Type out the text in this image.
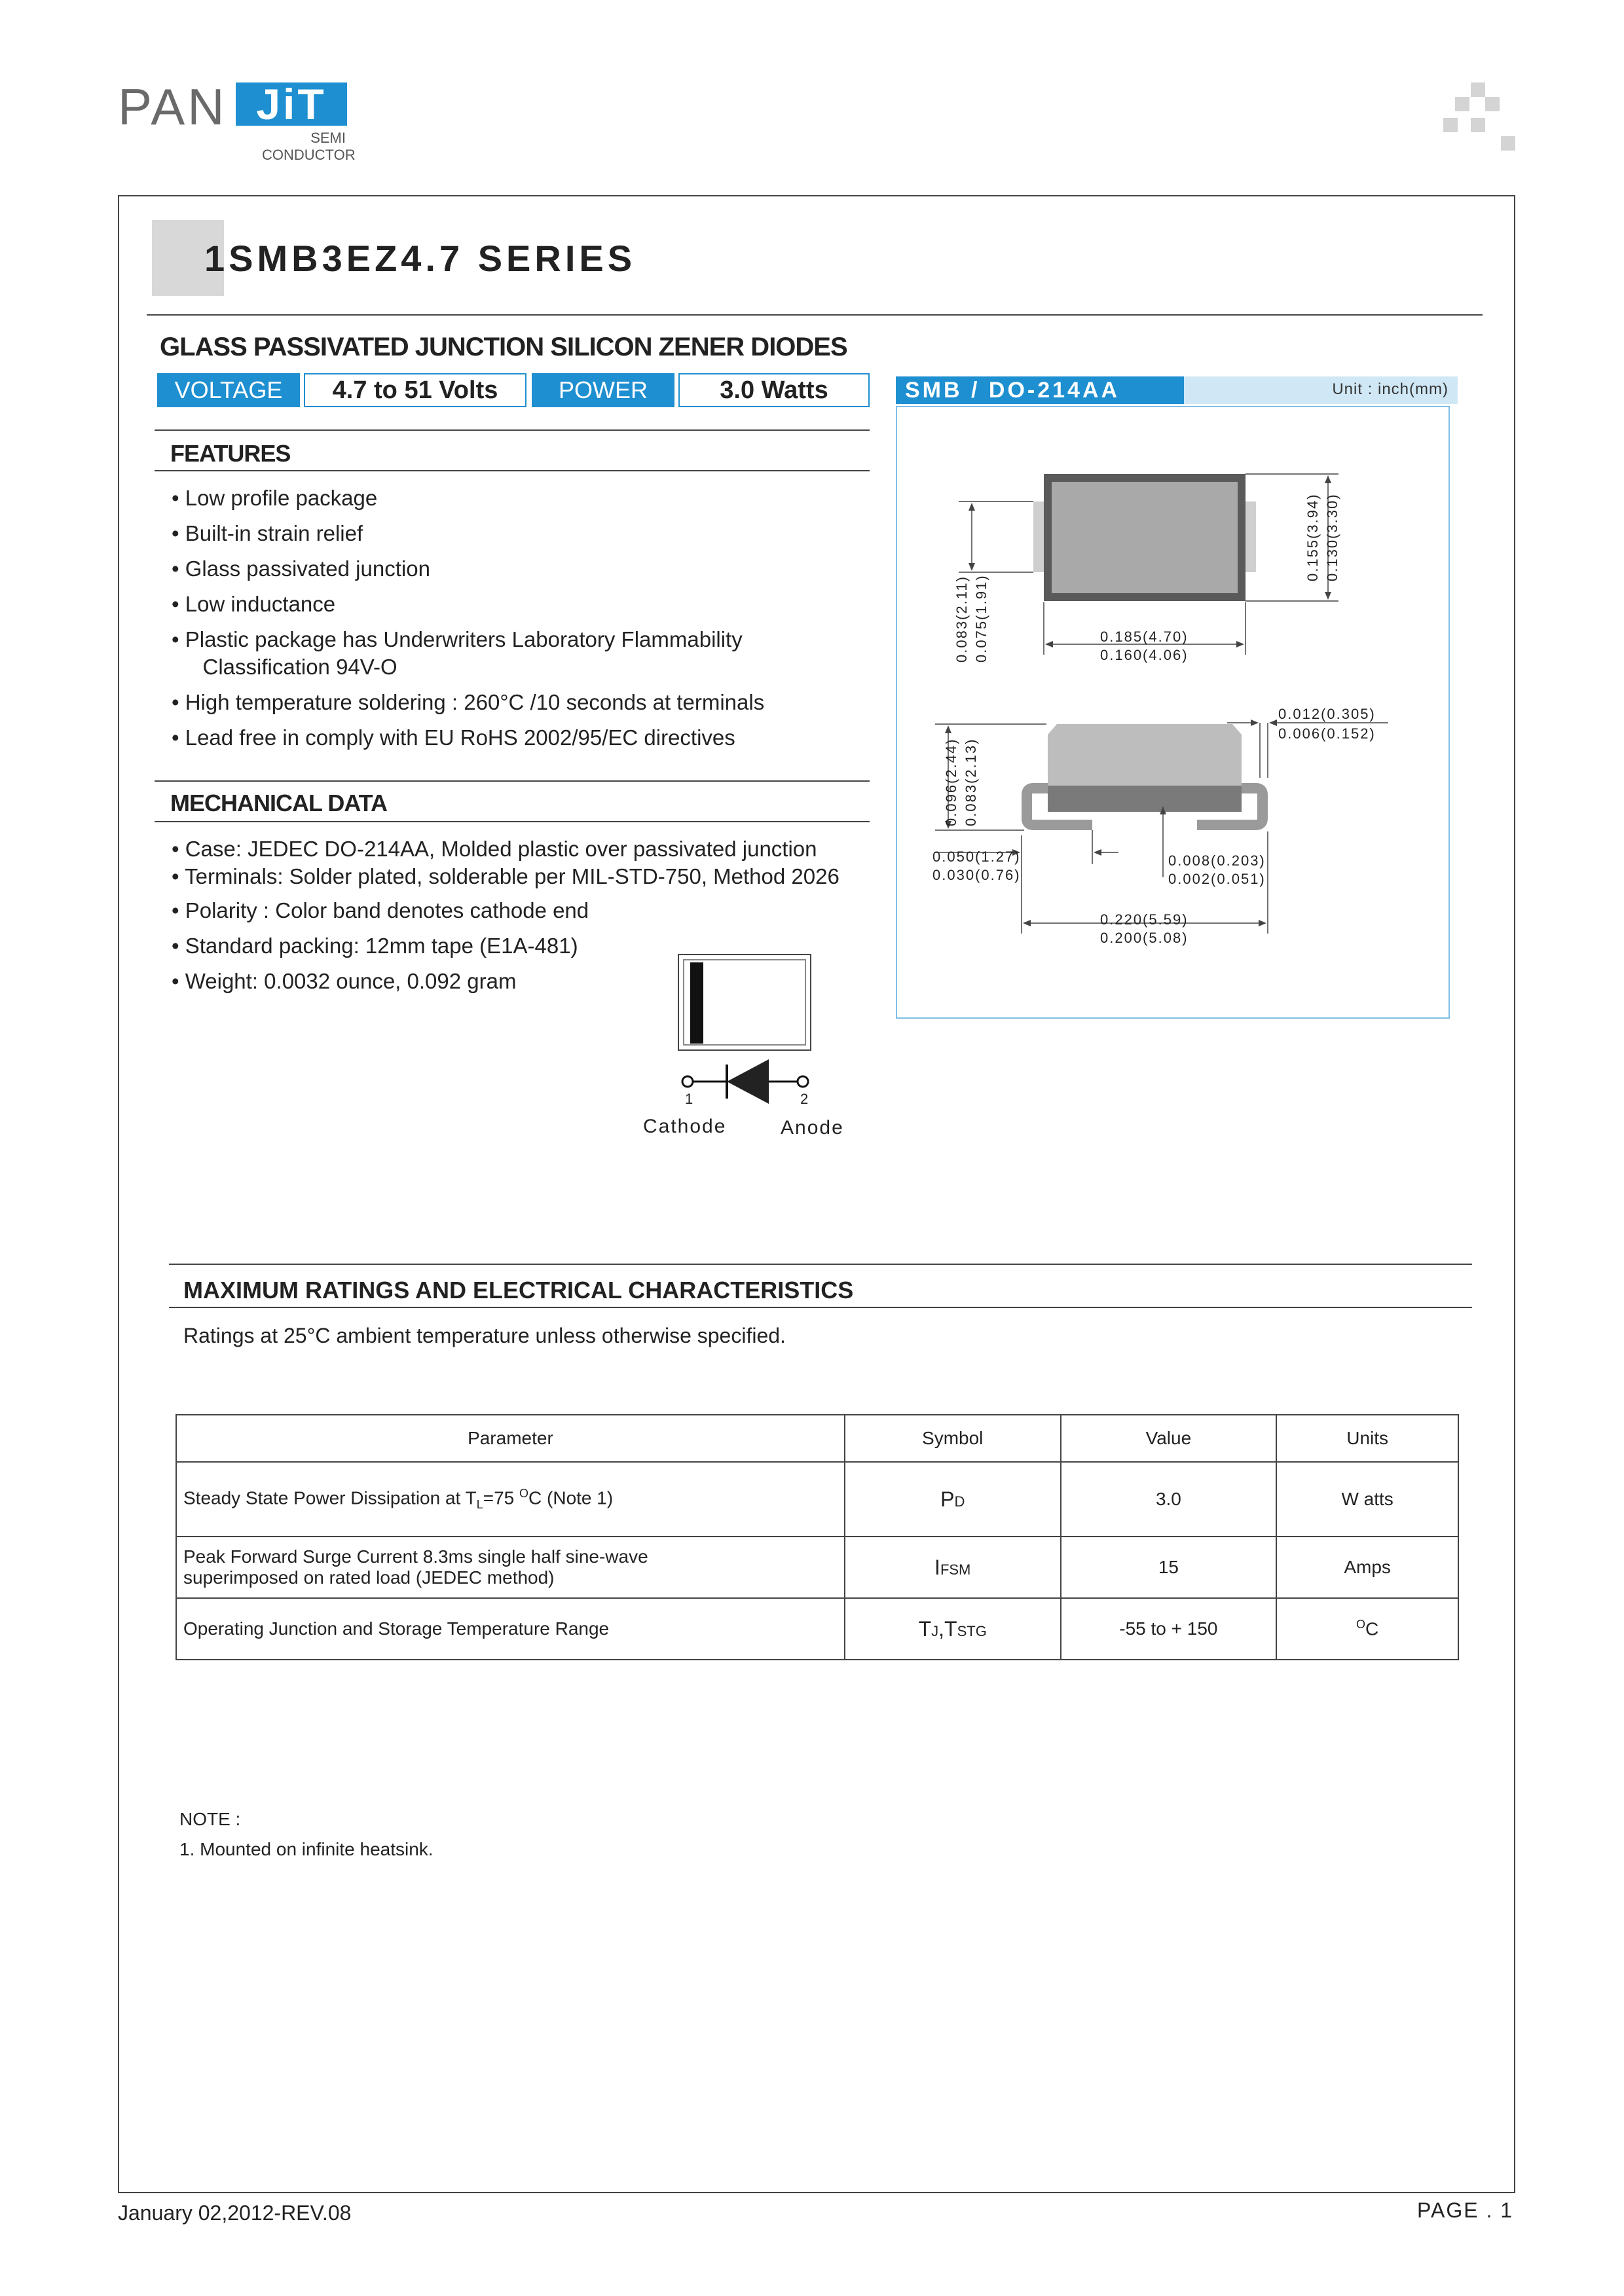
PAN JiT
SEMI
CONDUCTOR
1SMB3EZ4.7 SERIES
GLASS PASSIVATED JUNCTION SILICON ZENER DIODES
VOLTAGE	4.7 to 51 Volts	POWER	3.0 Watts
FEATURES
• Low profile package
• Built-in strain relief
• Glass passivated junction
• Low inductance
• Plastic package has Underwriters Laboratory Flammability
Classification 94V-O
• High temperature soldering : 260°C /10 seconds at terminals
• Lead free in comply with EU RoHS 2002/95/EC directives
MECHANICAL DATA
• Case: JEDEC DO-214AA, Molded plastic over passivated junction
• Terminals: Solder plated, solderable per MIL-STD-750, Method 2026
• Polarity : Color band denotes cathode end
• Standard packing: 12mm tape (E1A-481)
• Weight: 0.0032 ounce, 0.092 gram
1	2
Cathode	Anode
SMB / DO-214AA	Unit : inch(mm)
0.185(4.70)
0.160(4.06)
0.155(3.94) 0.130(3.30)
0.083(2.11) 0.075(1.91)
0.012(0.305)
0.006(0.152)
0.096(2.44) 0.083(2.13)
0.050(1.27)
0.030(0.76)
0.008(0.203)
0.002(0.051)
0.220(5.59)
0.200(5.08)
MAXIMUM RATINGS AND ELECTRICAL CHARACTERISTICS
Ratings at 25°C ambient temperature unless otherwise specified.
Parameter	Symbol	Value	Units
Steady State Power Dissipation at $T_L=75$ $^O$C (Note 1)	PD	3.0	W atts

Peak Forward Surge Current 8.3ms single half sine-wave
superimposed on rated load (JEDEC method)	IFSM	15	Amps
Operating Junction and Storage Temperature Range	TJ,TSTG	-55 to + 150	$^O$C
NOTE :
1. Mounted on infinite heatsink.
January 02,2012-REV.08	PAGE . 1
